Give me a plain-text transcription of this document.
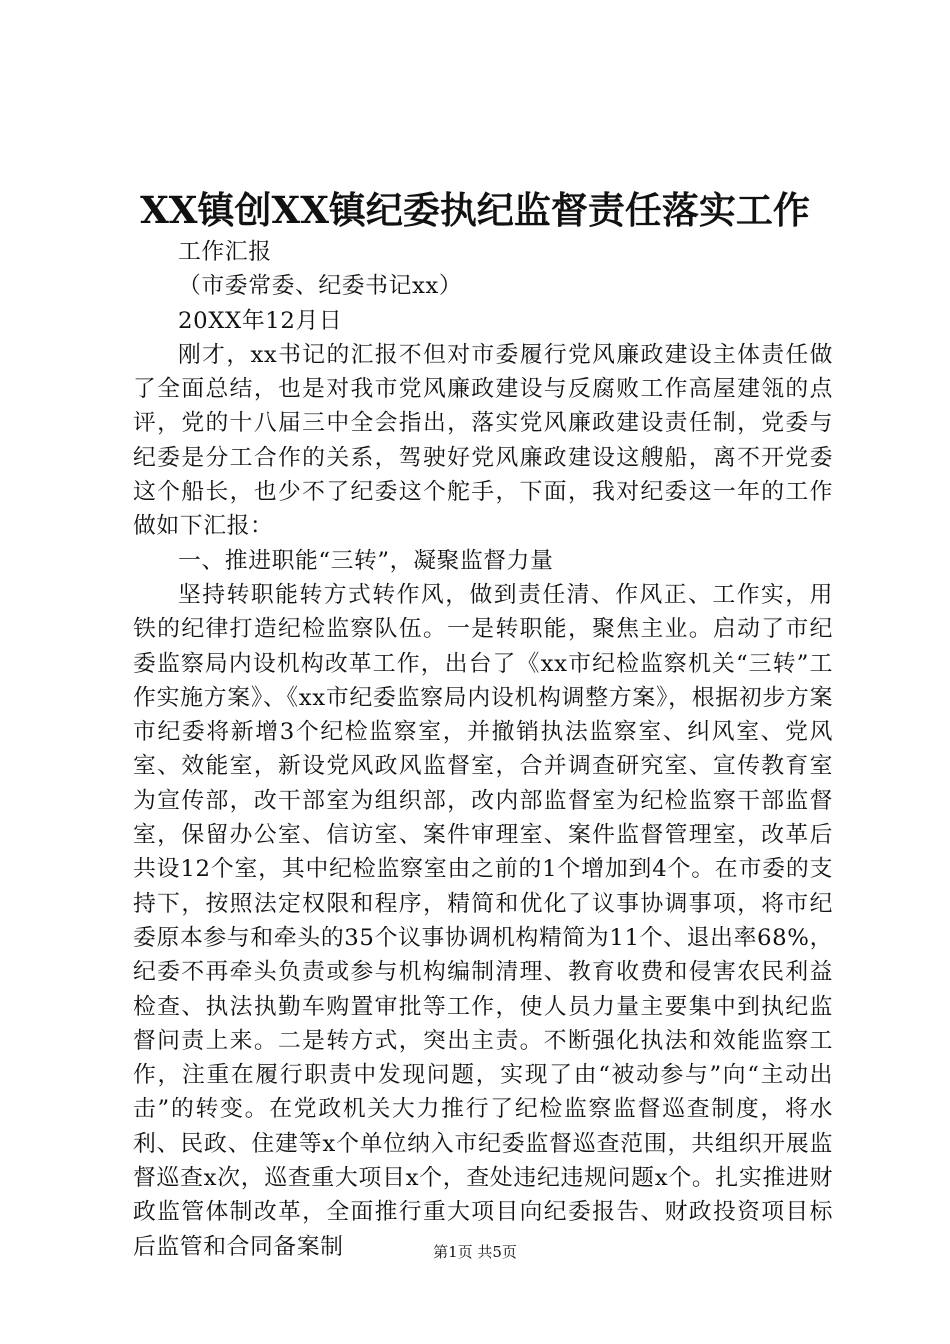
XX镇创XX镇纪委执纪监督责任落实工作

工作汇报

（市委常委、纪委书记xx）

20XX年12月日

刚才，xx书记的汇报不但对市委履行党风廉政建设主体责任做了全面总结，也是对我市党风廉政建设与反腐败工作高屋建瓴的点评，党的十八届三中全会指出，落实党风廉政建设责任制，党委与纪委是分工合作的关系，驾驶好党风廉政建设这艘船，离不开党委这个船长，也少不了纪委这个舵手，下面，我对纪委这一年的工作做如下汇报：

一、推进职能“三转”，凝聚监督力量

坚持转职能转方式转作风，做到责任清、作风正、工作实，用铁的纪律打造纪检监察队伍。一是转职能，聚焦主业。启动了市纪委监察局内设机构改革工作，出台了《xx市纪检监察机关“三转”工作实施方案》、《xx市纪委监察局内设机构调整方案》，根据初步方案市纪委将新增3个纪检监察室，并撤销执法监察室、纠风室、党风室、效能室，新设党风政风监督室，合并调查研究室、宣传教育室为宣传部，改干部室为组织部，改内部监督室为纪检监察干部监督室，保留办公室、信访室、案件审理室、案件监督管理室，改革后共设12个室，其中纪检监察室由之前的1个增加到4个。在市委的支持下，按照法定权限和程序，精简和优化了议事协调事项，将市纪委原本参与和牵头的35个议事协调机构精简为11个、退出率68%，纪委不再牵头负责或参与机构编制清理、教育收费和侵害农民利益检查、执法执勤车购置审批等工作，使人员力量主要集中到执纪监督问责上来。二是转方式，突出主责。不断强化执法和效能监察工作，注重在履行职责中发现问题，实现了由“被动参与”向“主动出击”的转变。在党政机关大力推行了纪检监察监督巡查制度，将水利、民政、住建等x个单位纳入市纪委监督巡查范围，共组织开展监督巡查x次，巡查重大项目x个，查处违纪违规问题x个。扎实推进财政监管体制改革，全面推行重大项目向纪委报告、财政投资项目标后监管和合同备案制	第1页 共5页
